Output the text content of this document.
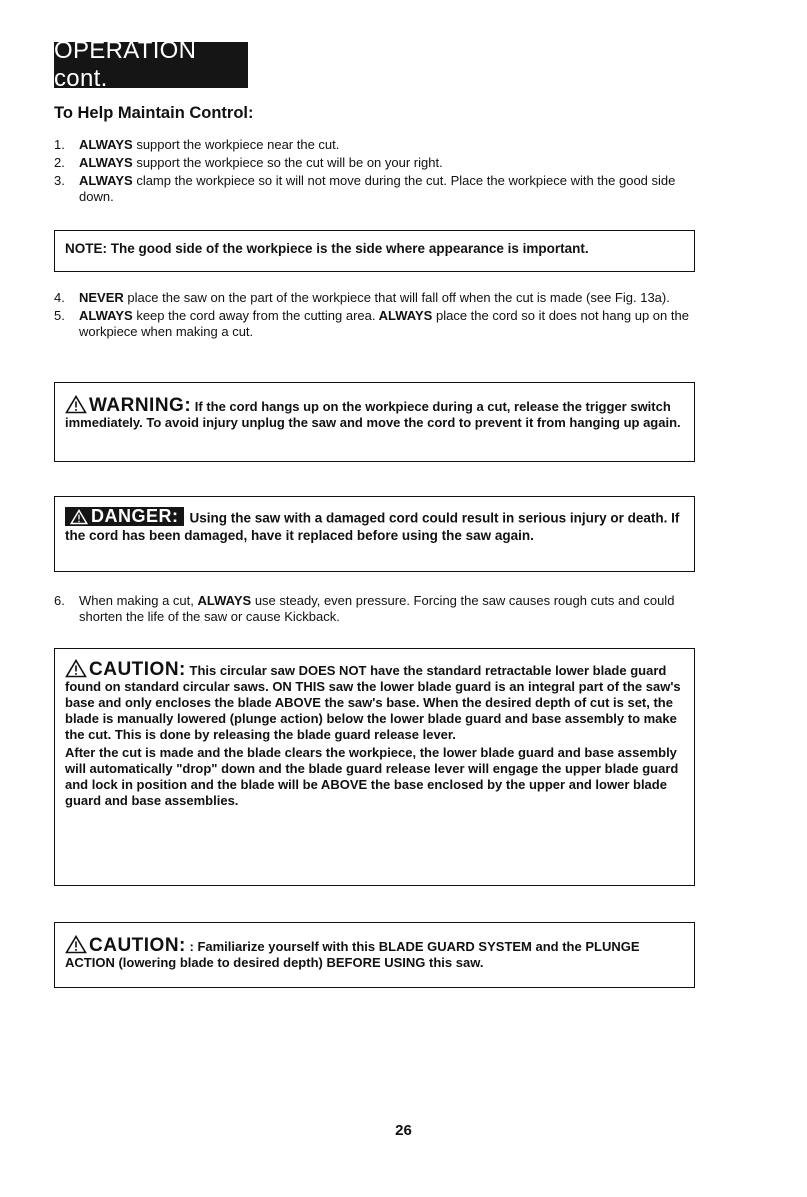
OPERATION cont.
To Help Maintain Control:
1.	ALWAYS support the workpiece near the cut.
2.	ALWAYS support the workpiece so the cut will be on your right.
3.	ALWAYS clamp the workpiece so it will not move during the cut. Place the workpiece with the good side down.
NOTE: The good side of the workpiece is the side where appearance is important.
4.	NEVER place the saw on the part of the workpiece that will fall off when the cut is made (see Fig. 13a).
5.	ALWAYS keep the cord away from the cutting area. ALWAYS place the cord so it does not hang up on the workpiece when making a cut.
WARNING: If the cord hangs up on the workpiece during a cut, release the trigger switch immediately. To avoid injury unplug the saw and move the cord to prevent it from hanging up again.
DANGER: Using the saw with a damaged cord could result in serious injury or death. If the cord has been damaged, have it replaced before using the saw again.
6.	When making a cut, ALWAYS use steady, even pressure. Forcing the saw causes rough cuts and could shorten the life of the saw or cause Kickback.
CAUTION: This circular saw DOES NOT have the standard retractable lower blade guard found on standard circular saws. ON THIS saw the lower blade guard is an integral part of the saw's base and only encloses the blade ABOVE the saw's base. When the desired depth of cut is set, the blade is manually lowered (plunge action) below the lower blade guard and base assembly to make the cut. This is done by releasing the blade guard release lever.
After the cut is made and the blade clears the workpiece, the lower blade guard and base assembly will automatically "drop" down and the blade guard release lever will engage the upper blade guard and lock in position and the blade will be ABOVE the base enclosed by the upper and lower blade guard and base assemblies.
CAUTION: : Familiarize yourself with this BLADE GUARD SYSTEM and the PLUNGE ACTION (lowering blade to desired depth) BEFORE USING this saw.
26
